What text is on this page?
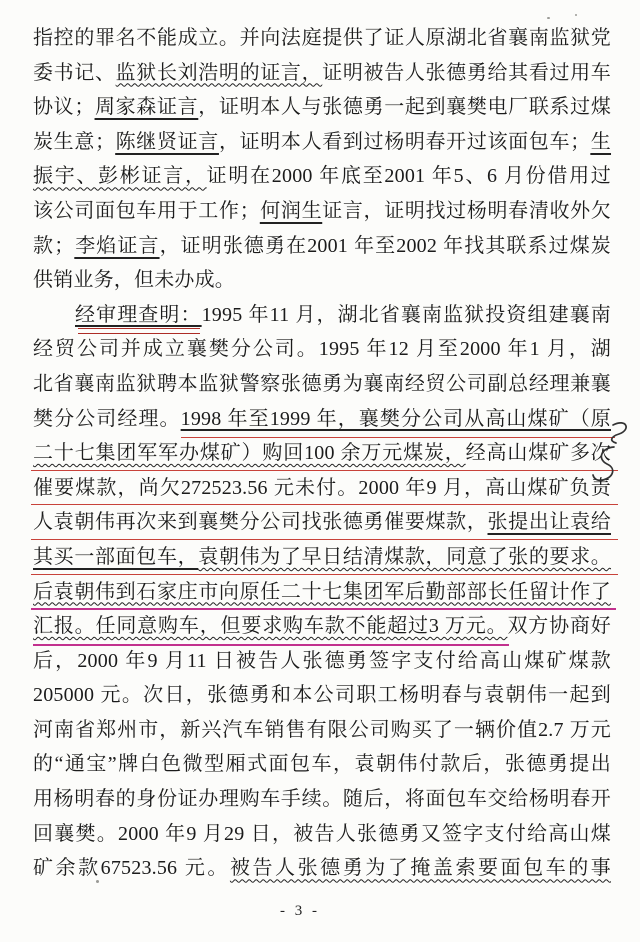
指控的罪名不能成立。并向法庭提供了证人原湖北省襄南监狱党
委书记、监狱长刘浩明的证言，证明被告人张德勇给其看过用车
协议；周家森证言，证明本人与张德勇一起到襄樊电厂联系过煤
炭生意；陈继贤证言，证明本人看到过杨明春开过该面包车；生
振宇、彭彬证言，证明在2000 年底至2001 年5、6 月份借用过
该公司面包车用于工作；何润生证言，证明找过杨明春清收外欠
款；李焰证言，证明张德勇在2001 年至2002 年找其联系过煤炭
供销业务，但未办成。
经审理查明：1995 年11 月，湖北省襄南监狱投资组建襄南
经贸公司并成立襄樊分公司。1995 年12 月至2000 年1 月，湖
北省襄南监狱聘本监狱警察张德勇为襄南经贸公司副总经理兼襄
樊分公司经理。1998 年至1999 年，襄樊分公司从高山煤矿（原
二十七集团军军办煤矿）购回100 余万元煤炭，经高山煤矿多次
催要煤款，尚欠272523.56 元未付。2000 年9 月，高山煤矿负责
人袁朝伟再次来到襄樊分公司找张德勇催要煤款，张提出让袁给
其买一部面包车，袁朝伟为了早日结清煤款，同意了张的要求。
后袁朝伟到石家庄市向原任二十七集团军后勤部部长任留计作了
汇报。任同意购车，但要求购车款不能超过3 万元。双方协商好
后，2000 年9 月11 日被告人张德勇签字支付给高山煤矿煤款
205000 元。次日，张德勇和本公司职工杨明春与袁朝伟一起到
河南省郑州市，新兴汽车销售有限公司购买了一辆价值2.7 万元
的“通宝”牌白色微型厢式面包车，袁朝伟付款后，张德勇提出
用杨明春的身份证办理购车手续。随后，将面包车交给杨明春开
回襄樊。2000 年9 月29 日，被告人张德勇又签字支付给高山煤
矿余款67523.56 元。被告人张德勇为了掩盖索要面包车的事
- 3 -
